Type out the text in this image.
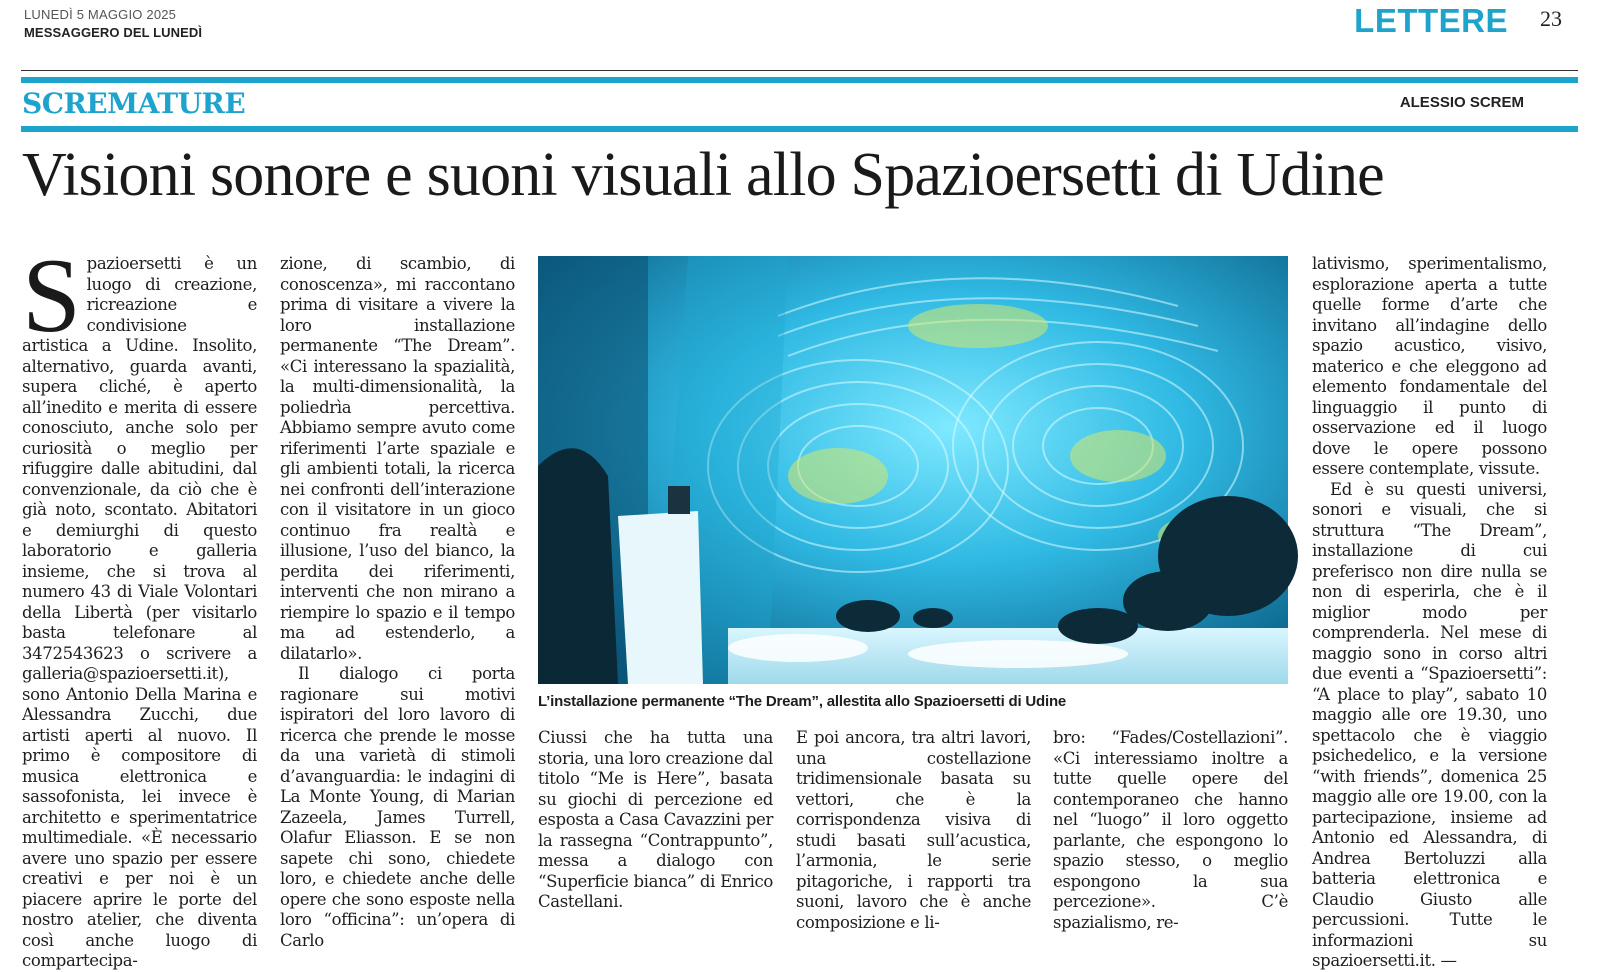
LUNEDÌ 5 MAGGIO 2025
MESSAGGERO DEL LUNEDÌ	LETTERE 23
SCREMATURE	ALESSIO SCREM
Visioni sonore e suoni visuali allo Spazioersetti di Udine

Spazioersetti è un luogo di creazione, ricreazione e condivisione artistica a Udine. Insolito, alternativo, guarda avanti, supera cliché, è aperto all’inedito e merita di essere conosciuto, anche solo per curiosità o meglio per rifuggire dalle abitudini, dal convenzionale, da ciò che è già noto, scontato. Abitatori e demiurghi di questo laboratorio e galleria insieme, che si trova al numero 43 di Viale Volontari della Libertà (per visitarlo basta telefonare al 3472543623 o scrivere a galleria@spazioersetti.it), sono Antonio Della Marina e Alessandra Zucchi, due artisti aperti al nuovo. Il primo è compositore di musica elettronica e sassofonista, lei invece è architetto e sperimentatrice multimediale. «È necessario avere uno spazio per essere creativi e per noi è un piacere aprire le porte del nostro atelier, che diventa così anche luogo di compartecipa-

zione, di scambio, di conoscenza», mi raccontano prima di visitare a vivere la loro installazione permanente “The Dream”. «Ci interessano la spazialità, la multi-dimensionalità, la poliedrìa percettiva. Abbiamo sempre avuto come riferimenti l’arte spaziale e gli ambienti totali, la ricerca nei confronti dell’interazione con il visitatore in un gioco continuo fra realtà e illusione, l’uso del bianco, la perdita dei riferimenti, interventi che non mirano a riempire lo spazio e il tempo ma ad estenderlo, a dilatarlo».

Il dialogo ci porta ragionare sui motivi ispiratori del loro lavoro di ricerca che prende le mosse da una varietà di stimoli d’avanguardia: le indagini di La Monte Young, di Marian Zazeela, James Turrell, Olafur Eliasson. E se non sapete chi sono, chiedete loro, e chiedete anche delle opere che sono esposte nella loro “officina”: un’opera di Carlo

L’installazione permanente “The Dream”, allestita allo Spazioersetti di Udine

Ciussi che ha tutta una storia, una loro creazione dal titolo “Me is Here”, basata su giochi di percezione ed esposta a Casa Cavazzini per la rassegna “Contrappunto”, messa a dialogo con “Superficie bianca” di Enrico Castellani.

E poi ancora, tra altri lavori, una costellazione tridimensionale basata su vettori, che è la corrispondenza visiva di studi basati sull’acustica, l’armonia, le serie pitagoriche, i rapporti tra suoni, lavoro che è anche composizione e li-

bro: “Fades/Costellazioni”. «Ci interessiamo inoltre a tutte quelle opere del contemporaneo che hanno nel “luogo” il loro oggetto parlante, che espongono lo spazio stesso, o meglio espongono la sua percezione». C’è spazialismo, re-

lativismo, sperimentalismo, esplorazione aperta a tutte quelle forme d’arte che invitano all’indagine dello spazio acustico, visivo, materico e che eleggono ad elemento fondamentale del linguaggio il punto di osservazione ed il luogo dove le opere possono essere contemplate, vissute.

Ed è su questi universi, sonori e visuali, che si struttura “The Dream”, installazione di cui preferisco non dire nulla se non di esperirla, che è il miglior modo per comprenderla. Nel mese di maggio sono in corso altri due eventi a “Spazioersetti”: “A place to play”, sabato 10 maggio alle ore 19.30, uno spettacolo che è viaggio psichedelico, e la versione “with friends”, domenica 25 maggio alle ore 19.00, con la partecipazione, insieme ad Antonio ed Alessandra, di Andrea Bertoluzzi alla batteria elettronica e Claudio Giusto alle percussioni. Tutte le informazioni su spazioersetti.it. —
